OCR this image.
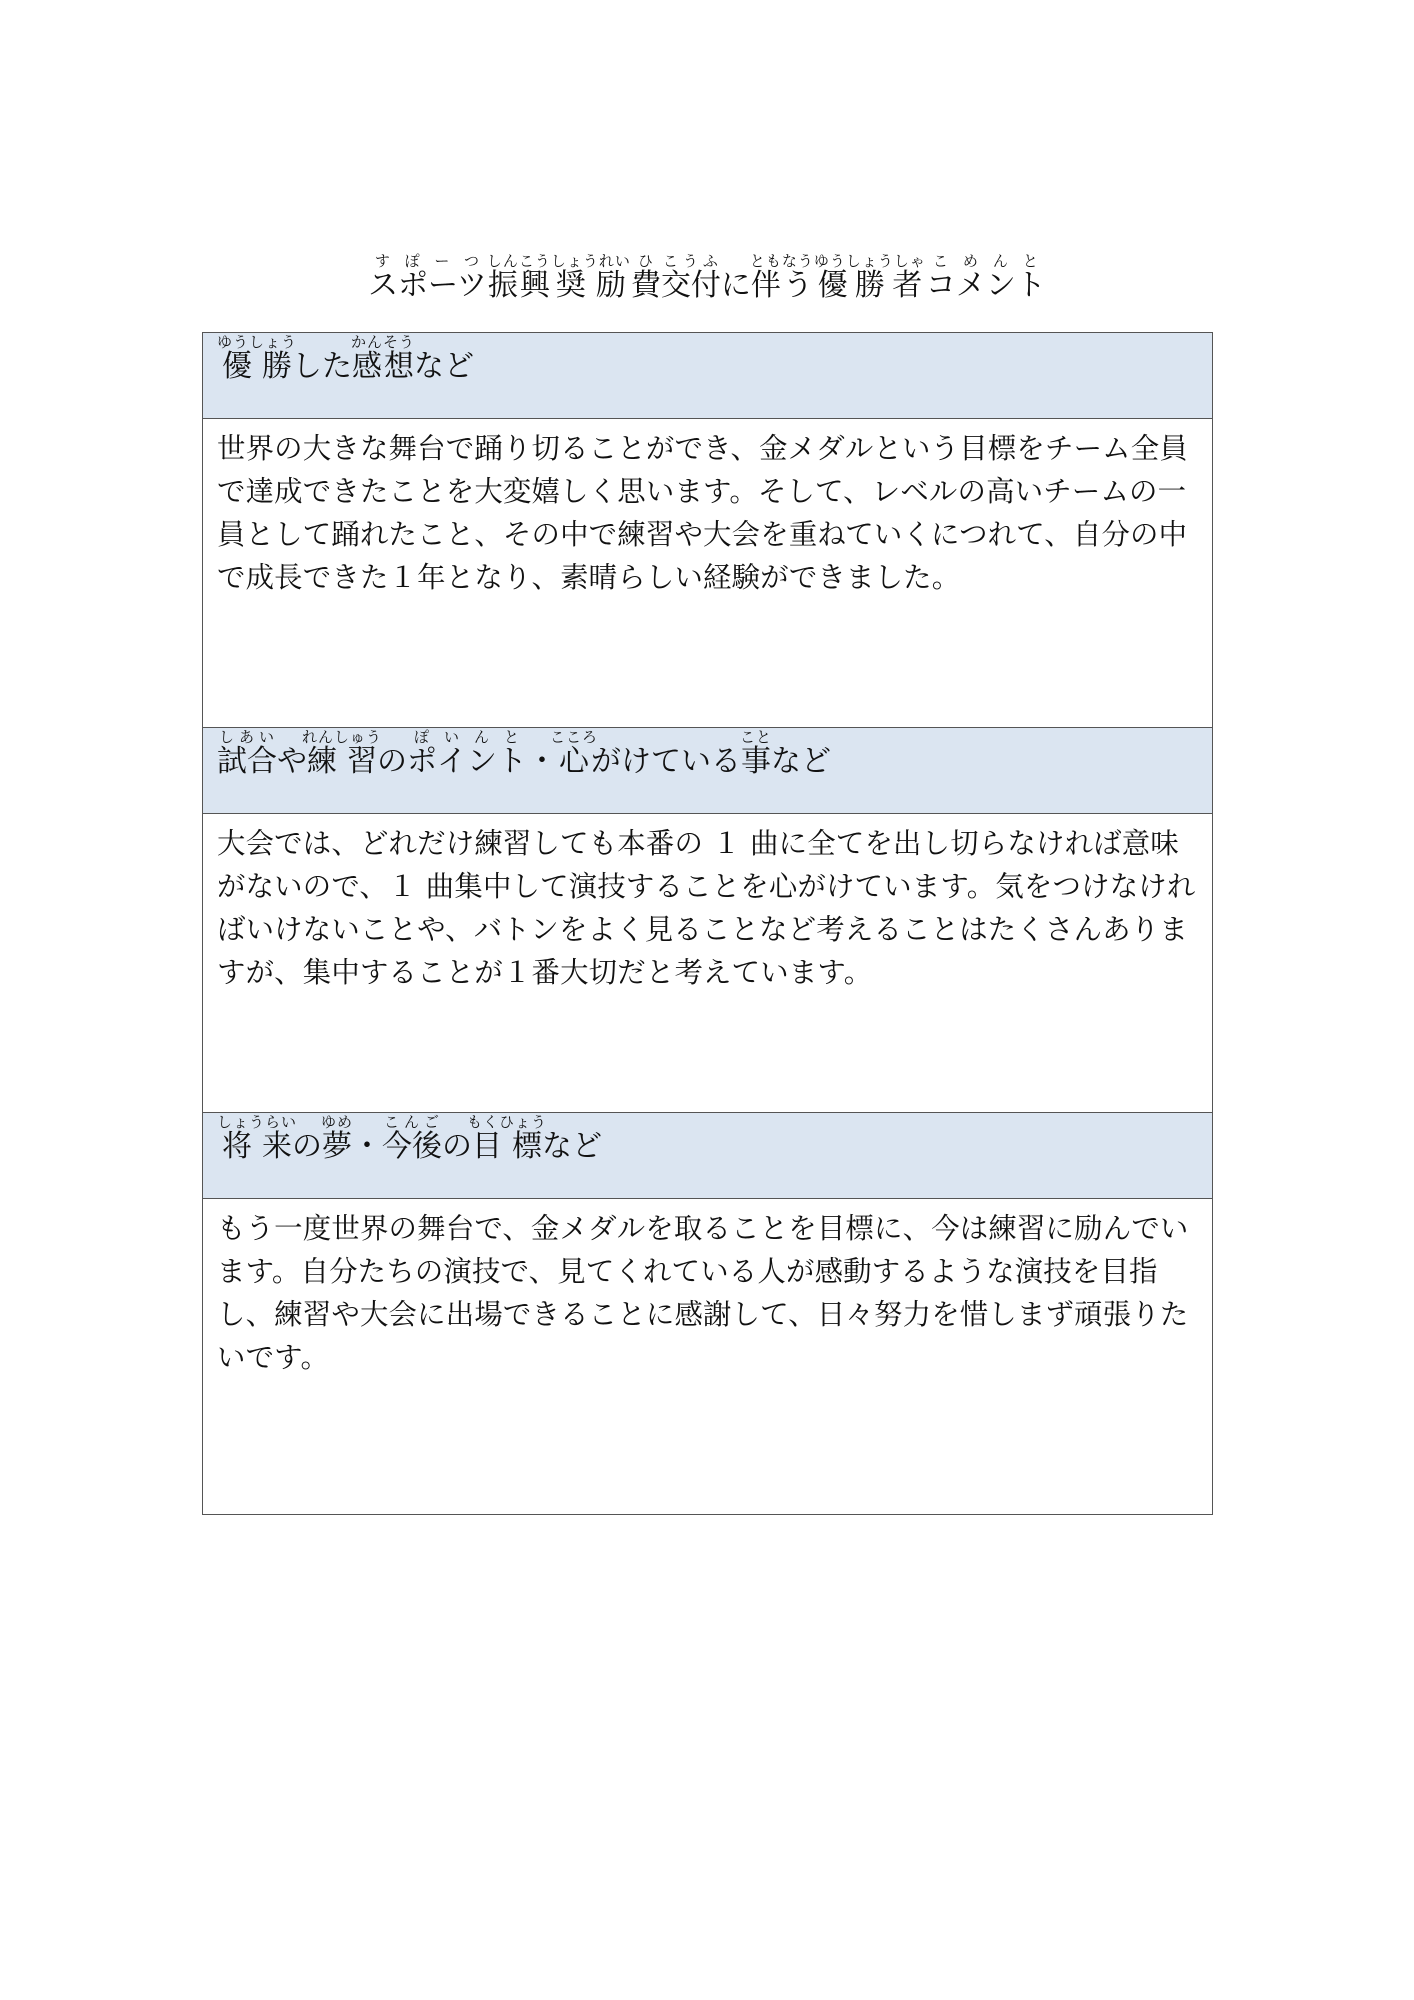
スポーツすぽーつ振興しんこう奨励しょうれい費ひ交付こうふに伴うともなう優勝者ゆうしょうしゃコメントこめんと
優勝ゆうしょうした感想かんそうなど
世界の大きな舞台で踊り切ることができ、金メダルという目標をチーム全員で達成できたことを大変嬉しく思います。そして、レベルの高いチームの一員として踊れたこと、その中で練習や大会を重ねていくにつれて、自分の中で成長できた１年となり、素晴らしい経験ができました。
試合しあいや練習れんしゅうのポイントぽいんと・心こころがけている事ことなど
大会では、どれだけ練習しても本番の １ 曲に全てを出し切らなければ意味がないので、１ 曲集中して演技することを心がけています。気をつけなければいけないことや、バトンをよく見ることなど考えることはたくさんありますが、集中することが１番大切だと考えています。
将来しょうらいの夢ゆめ・今後こんごの目標もくひょうなど
もう一度世界の舞台で、金メダルを取ることを目標に、今は練習に励んでいます。自分たちの演技で、見てくれている人が感動するような演技を目指し、練習や大会に出場できることに感謝して、日々努力を惜しまず頑張りたいです。
